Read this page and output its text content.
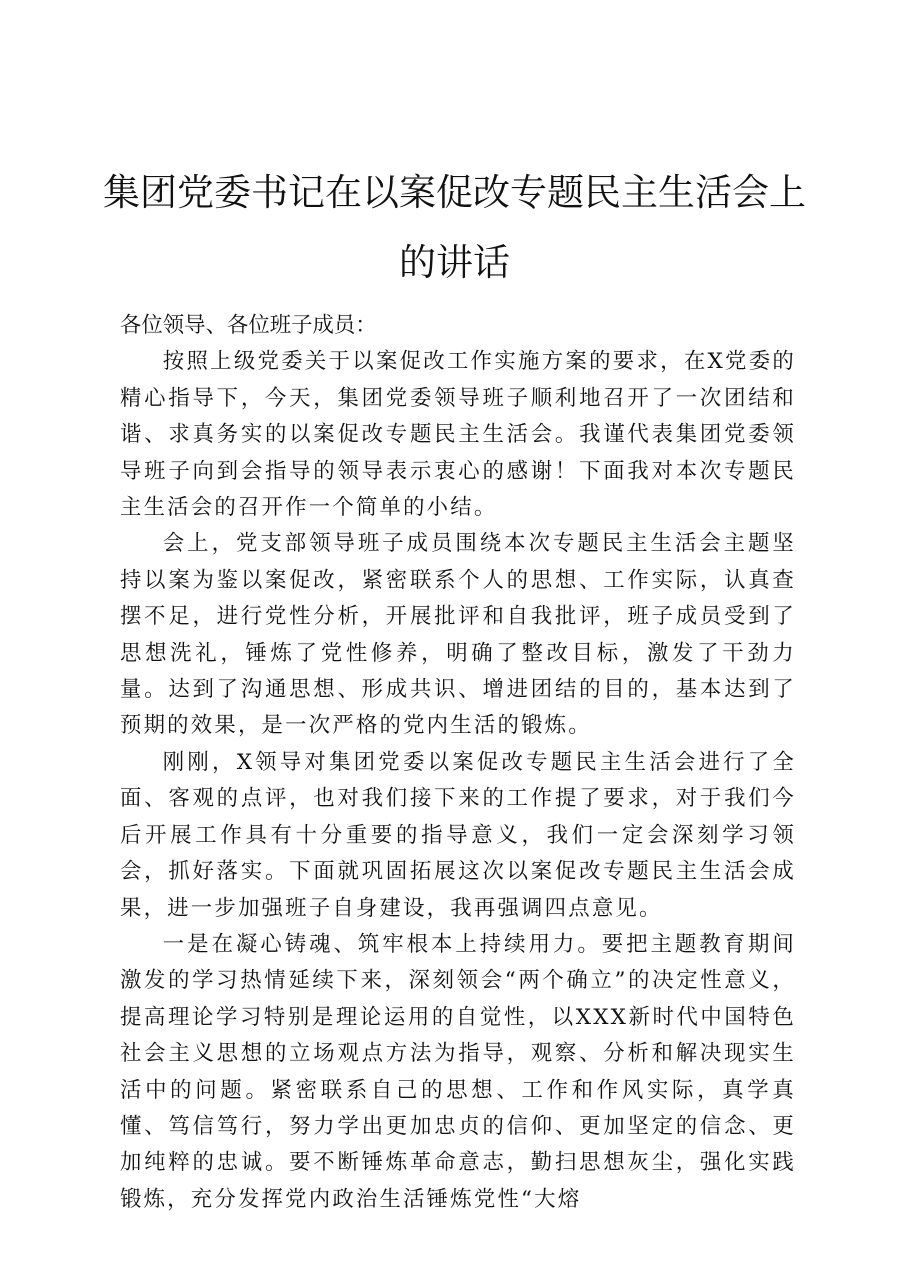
集团党委书记在以案促改专题民主生活会上的讲话

各位领导、各位班子成员：

按照上级党委关于以案促改工作实施方案的要求，在X党委的精心指导下，今天，集团党委领导班子顺利地召开了一次团结和谐、求真务实的以案促改专题民主生活会。我谨代表集团党委领导班子向到会指导的领导表示衷心的感谢！下面我对本次专题民主生活会的召开作一个简单的小结。

会上，党支部领导班子成员围绕本次专题民主生活会主题坚持以案为鉴以案促改，紧密联系个人的思想、工作实际，认真查摆不足，进行党性分析，开展批评和自我批评，班子成员受到了思想洗礼，锤炼了党性修养，明确了整改目标，激发了干劲力量。达到了沟通思想、形成共识、增进团结的目的，基本达到了预期的效果，是一次严格的党内生活的锻炼。

刚刚，X领导对集团党委以案促改专题民主生活会进行了全面、客观的点评，也对我们接下来的工作提了要求，对于我们今后开展工作具有十分重要的指导意义，我们一定会深刻学习领会，抓好落实。下面就巩固拓展这次以案促改专题民主生活会成果，进一步加强班子自身建设，我再强调四点意见。

一是在凝心铸魂、筑牢根本上持续用力。要把主题教育期间激发的学习热情延续下来，深刻领会“两个确立”的决定性意义，提高理论学习特别是理论运用的自觉性，以XXX新时代中国特色社会主义思想的立场观点方法为指导，观察、分析和解决现实生活中的问题。紧密联系自己的思想、工作和作风实际，真学真懂、笃信笃行，努力学出更加忠贞的信仰、更加坚定的信念、更加纯粹的忠诚。要不断锤炼革命意志，勤扫思想灰尘，强化实践锻炼，充分发挥党内政治生活锤炼党性“大熔
